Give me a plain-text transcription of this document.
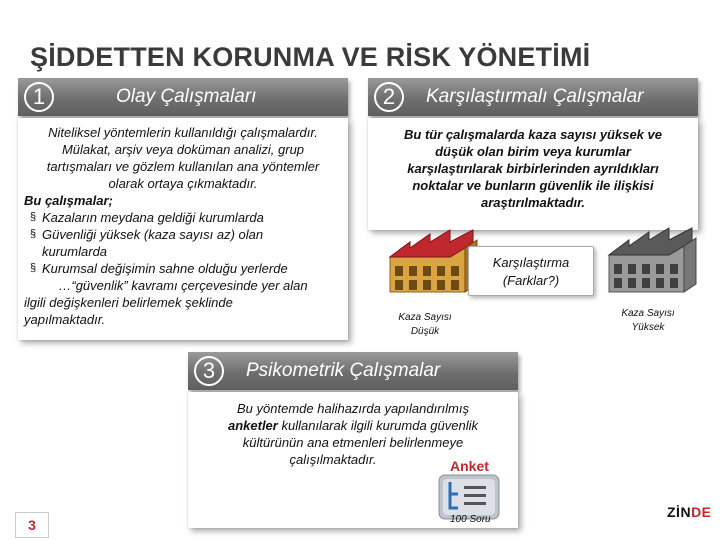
ŞİDDETTEN KORUNMA VE RİSK YÖNETİMİ
1	Olay Çalışmaları
Niteliksel yöntemlerin kullanıldığı çalışmalardır.
Mülakat, arşiv veya doküman analizi, grup
tartışmaları ve gözlem kullanılan ana yöntemler
olarak ortaya çıkmaktadır.
Bu çalışmalar;
§ Kazaların meydana geldiği kurumlarda
§ Güvenliği yüksek (kaza sayısı az) olan kurumlarda
§ Kurumsal değişimin sahne olduğu yerlerde
…“güvenlik” kavramı çerçevesinde yer alan
ilgili değişkenleri belirlemek şeklinde
yapılmaktadır.
2	Karşılaştırmalı Çalışmalar
Bu tür çalışmalarda kaza sayısı yüksek ve
düşük olan birim veya kurumlar
karşılaştırılarak birbirlerinden ayrıldıkları
noktalar ve bunların güvenlik ile ilişkisi
araştırılmaktadır.
Kaza Sayısı
Düşük
Karşılaştırma
(Farklar?)
Kaza Sayısı
Yüksek
3	Psikometrik Çalışmalar
Bu yöntemde halihazırda yapılandırılmış
anketler kullanılarak ilgili kurumda güvenlik
kültürünün ana etmenleri belirlenmeye
çalışılmaktadır.	Anket
100 Soru
3
ZİNDE
